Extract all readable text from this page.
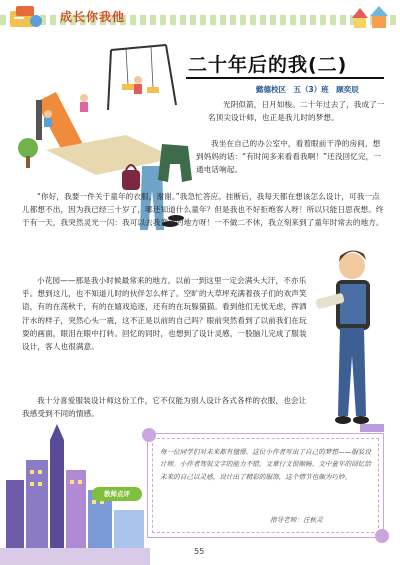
成长你我他
二十年后的我(二)
懿德校区　五（3）班　顾奕辰
光阴似箭，日月如梭。二十年过去了，我成了一名顶尖设计师，也正是我儿时的梦想。
我坐在自己的办公室中，看着眼前干净的房间，想到妈妈的话：“有时间多来看看我啊！”还没回忆完，一通电话响起。
“你好，我要一件关于童年的衣服，谢谢。”我急忙答应。挂断后，我每天都在想该怎么设计，可我一点儿都想不出，因为我已经三十岁了，哪还知道什么童年？但是我也不好拒绝客人呀！所以只能日思夜想。终于有一天，我突然灵光一闪：我可以去我童年的地方呀！一不做二不休，我立刻来到了童年时常去的地方。
小花园——那是我小时候最常来的地方。以前一到这里一定会满头大汗，不亦乐乎。想到这儿，也不知道儿时的伙伴怎么样了。空旷的大草坪充满着孩子们的欢声笑语，有的在荡秋千，有的在嬉戏追逐，还有的在玩躲猫猫。看到他们无忧无虑，挥洒汗水的样子，突然心头一震，这不正是以前的自己吗？眼前突然看到了以前我们在玩耍的画面，眼泪在眼中打转。回忆的同时，也想到了设计灵感，一股脑儿完成了服装设计，客人也很满意。
我十分喜爱服装设计师这份工作，它不仅能为别人设计各式各样的衣服，也会让我感受到不同的情感。
教师点评
每一位同学们对未来都有憧憬。这位小作者写出了自己的梦想——服装设计师。小作者驾驭文字的能力不错，文章行文很顺畅。文中童年的回忆给未来的自己以灵感，设计出了精彩的服饰，这个情节也颇为巧妙。
指导老师：汪秋灵
55
